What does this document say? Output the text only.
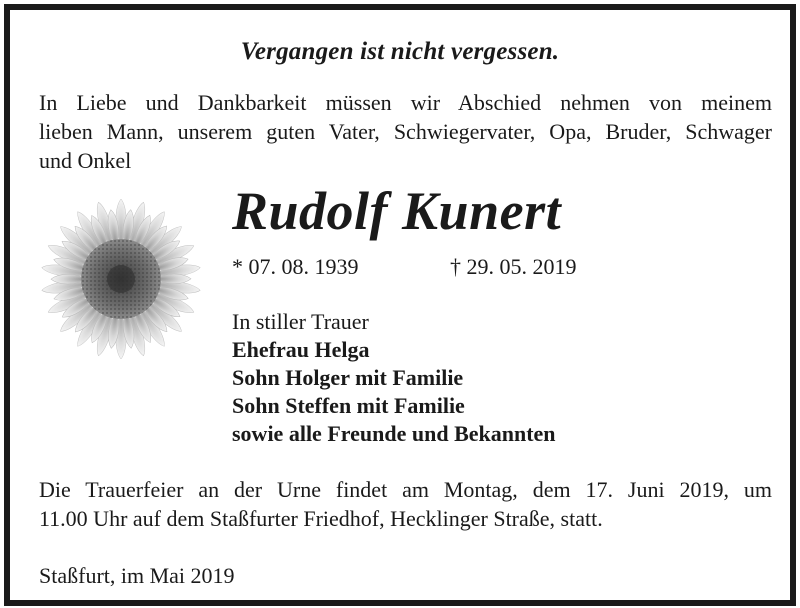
Vergangen ist nicht vergessen.
In Liebe und Dankbarkeit müssen wir Abschied nehmen von meinem
lieben Mann, unserem guten Vater, Schwiegervater, Opa, Bruder, Schwager
und Onkel
Rudolf Kunert
* 07. 08. 1939	† 29. 05. 2019
In stiller Trauer
Ehefrau Helga
Sohn Holger mit Familie
Sohn Steffen mit Familie
sowie alle Freunde und Bekannten
Die Trauerfeier an der Urne findet am Montag, dem 17. Juni 2019, um
11.00 Uhr auf dem Staßfurter Friedhof, Hecklinger Straße, statt.
Staßfurt, im Mai 2019
